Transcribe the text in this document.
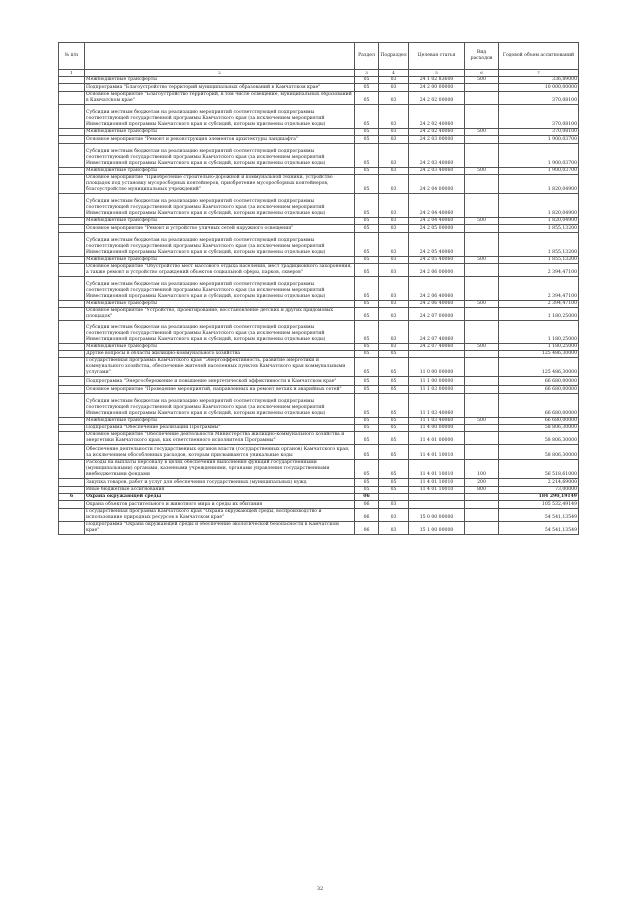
№ п/п		Раздел	Подраздел	Целевая статья	Вид расходов	Годовой объем ассигнований
1	2	3	4	5	6	7
	Межбюджетные трансферты	05	03	24 1 02 83600	500	336,89000
	Подпрограмма "Благоустройство территорий муниципальных образований в Камчатском крае"	05	03	24 2 00 00000		10 000,00000
	Основное мероприятие "Благоустройство территорий, в том числе освещение, муниципальных образований в Камчатском крае"	05	03	24 2 02 00000		370,08100
	Субсидии местным бюджетам на реализацию мероприятий соответствующей подпрограммы соответствующей государственной программы Камчатского края (за исключением мероприятий Инвестиционной программы Камчатского края и субсидий, которым присвоены отдельные коды)	05	03	24 2 02 40060		370,08100
	Межбюджетные трансферты	05	03	24 2 02 40060	500	370,08100
	Основное мероприятие "Ремонт и реконструкция элементов архитектуры ландшафта"	05	03	24 2 03 00000		1 900,03700
	Субсидии местным бюджетам на реализацию мероприятий соответствующей подпрограммы соответствующей государственной программы Камчатского края (за исключением мероприятий Инвестиционной программы Камчатского края и субсидий, которым присвоены отдельные коды)	05	03	24 2 03 40060		1 900,03700
	Межбюджетные трансферты	05	03	24 2 03 40060	500	1 900,03700
	Основное мероприятие "Приобретение строительно-дорожной и коммунальной техники, устройство площадок под установку мусоросборных контейнеров, приобретение мусоросборных контейнеров, благоустройство муниципальных учреждений"	05	03	24 2 04 00000		1 820,04900
	Субсидии местным бюджетам на реализацию мероприятий соответствующей подпрограммы соответствующей государственной программы Камчатского края (за исключением мероприятий Инвестиционной программы Камчатского края и субсидий, которым присвоены отдельные коды)	05	03	24 2 04 40060		1 820,04900
	Межбюджетные трансферты	05	03	24 2 04 40060	500	1 820,04900
	Основное мероприятие "Ремонт и устройство уличных сетей наружного освещения"	05	03	24 2 05 00000		1 855,13200
	Субсидии местным бюджетам на реализацию мероприятий соответствующей подпрограммы соответствующей государственной программы Камчатского края (за исключением мероприятий Инвестиционной программы Камчатского края и субсидий, которым присвоены отдельные коды)	05	03	24 2 05 40060		1 855,13200
	Межбюджетные трансферты	05	03	24 2 05 40060	500	1 855,13200
	Основное мероприятие "Обустройство мест массового отдыха населения, мест традиционного захоронения, а также ремонт и устройство ограждений объектов социальной сферы, парков, скверов"	05	03	24 2 06 00000		2 394,47100
	Субсидии местным бюджетам на реализацию мероприятий соответствующей подпрограммы соответствующей государственной программы Камчатского края (за исключением мероприятий Инвестиционной программы Камчатского края и субсидий, которым присвоены отдельные коды)	05	03	24 2 06 40060		2 394,47100
	Межбюджетные трансферты	05	03	24 2 06 40060	500	2 394,47100
	Основное мероприятие "Устройство, проектирование, восстановление детских и других придомовых площадок"	05	03	24 2 07 00000		1 180,25000
	Субсидии местным бюджетам на реализацию мероприятий соответствующей подпрограммы соответствующей государственной программы Камчатского края (за исключением мероприятий Инвестиционной программы Камчатского края и субсидий, которым присвоены отдельные коды)	05	03	24 2 07 40060		1 180,25000
	Межбюджетные трансферты	05	03	24 2 07 40060	500	1 180,25000
	Другие вопросы в области жилищно-коммунального хозяйства	05	05			125 486,30000
	Государственная программа Камчатского края "Энергоэффективность, развитие энергетики и коммунального хозяйства, обеспечение жителей населенных пунктов Камчатского края коммунальными услугами"	05	05	11 0 00 00000		125 486,30000
	Подпрограмма "Энергосбережение и повышение энергетической эффективности в Камчатском крае"	05	05	11 1 00 00000		66 680,00000
	Основное мероприятие "Проведение мероприятий, направленных на ремонт ветхих и аварийных сетей"	05	05	11 1 03 00000		66 680,00000
	Субсидии местным бюджетам на реализацию мероприятий соответствующей подпрограммы соответствующей государственной программы Камчатского края (за исключением мероприятий Инвестиционной программы Камчатского края и субсидий, которым присвоены отдельные коды)	05	05	11 1 03 40060		66 680,00000
	Межбюджетные трансферты	05	05	11 1 03 40060	500	66 680,00000
	Подпрограмма "Обеспечение реализации Программы"	05	05	11 4 00 00000		58 806,30000
	Основное мероприятие "Обеспечение деятельности Министерства жилищно-коммунального хозяйства и энергетики Камчатского края, как ответственного исполнителя Программы"	05	05	11 4 01 00000		58 806,30000
	Обеспечение деятельности государственных органов власти (государственных органов) Камчатского края, за исключением обособленных расходов, которым присваиваются уникальные коды	05	05	11 4 01 10010		58 806,30000
	Расходы на выплаты персоналу в целях обеспечения выполнения функций государственными (муниципальными) органами, казенными учреждениями, органами управления государственными внебюджетными фондами	05	05	11 4 01 10010	100	56 518,61000
	Закупка товаров, работ и услуг для обеспечения государственных (муниципальных) нужд	05	05	11 4 01 10010	200	2 214,69000
	Иные бюджетные ассигнования	05	05	11 4 01 10010	800	73,00000
6	Охрана окружающей среды	06				184 290,19149
	Охрана объектов растительного и животного мира и среды их обитания	06	03			105 532,49149
	Государственная программа Камчатского края "Охрана окружающей среды, воспроизводство и использование природных ресурсов в Камчатском крае"	06	03	15 0 00 00000		54 541,13549
	Подпрограмма "Охрана окружающей среды и обеспечение экологической безопасности в Камчатском крае"	06	03	15 1 00 00000		54 541,13549
32
